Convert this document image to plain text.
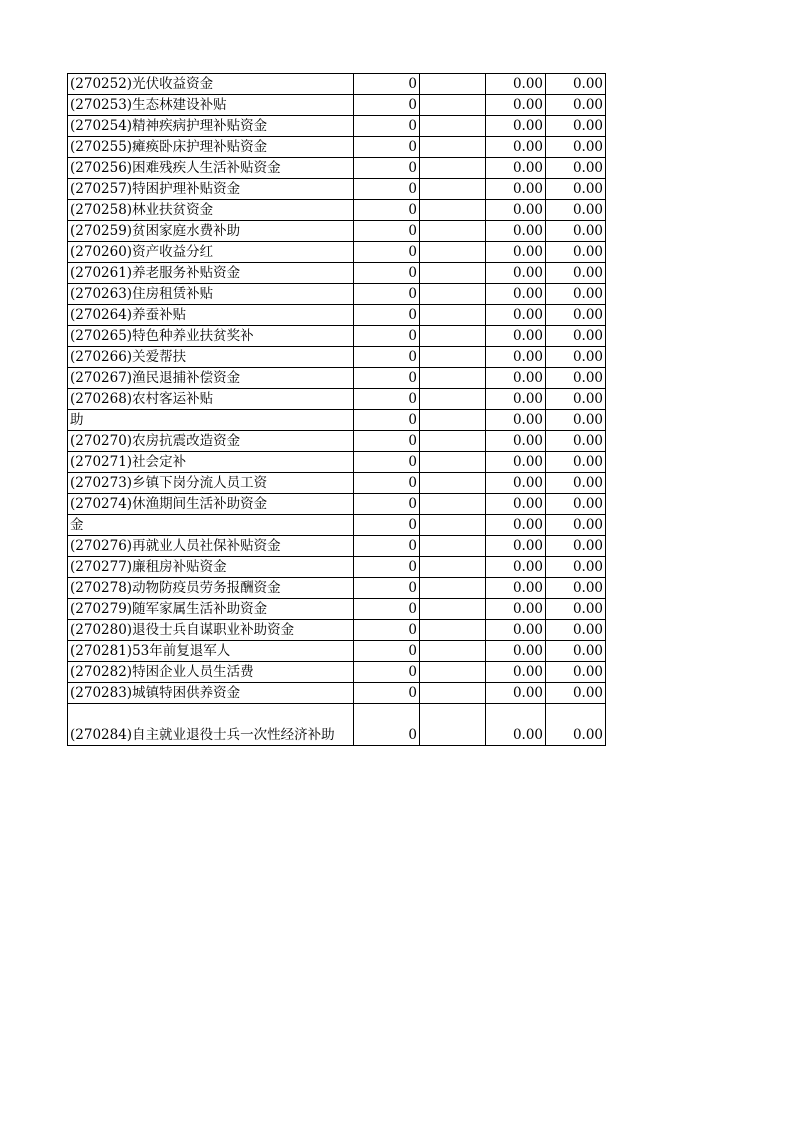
(270252)光伏收益资金	0		0.00	0.00

(270253)生态林建设补贴	0		0.00	0.00

(270254)精神疾病护理补贴资金	0		0.00	0.00

(270255)瘫痪卧床护理补贴资金	0		0.00	0.00

(270256)困难残疾人生活补贴资金	0		0.00	0.00

(270257)特困护理补贴资金	0		0.00	0.00

(270258)林业扶贫资金	0		0.00	0.00

(270259)贫困家庭水费补助	0		0.00	0.00

(270260)资产收益分红	0		0.00	0.00

(270261)养老服务补贴资金	0		0.00	0.00

(270263)住房租赁补贴	0		0.00	0.00

(270264)养蚕补贴	0		0.00	0.00

(270265)特色种养业扶贫奖补	0		0.00	0.00

(270266)关爱帮扶	0		0.00	0.00

(270267)渔民退捕补偿资金	0		0.00	0.00

(270268)农村客运补贴	0		0.00	0.00

助	0		0.00	0.00

(270270)农房抗震改造资金	0		0.00	0.00

(270271)社会定补	0		0.00	0.00

(270273)乡镇下岗分流人员工资	0		0.00	0.00

(270274)休渔期间生活补助资金	0		0.00	0.00

金	0		0.00	0.00

(270276)再就业人员社保补贴资金	0		0.00	0.00

(270277)廉租房补贴资金	0		0.00	0.00

(270278)动物防疫员劳务报酬资金	0		0.00	0.00

(270279)随军家属生活补助资金	0		0.00	0.00

(270280)退役士兵自谋职业补助资金	0		0.00	0.00

(270281)53年前复退军人	0		0.00	0.00

(270282)特困企业人员生活费	0		0.00	0.00

(270283)城镇特困供养资金	0		0.00	0.00

(270284)自主就业退役士兵一次性经济补助	0		0.00	0.00
